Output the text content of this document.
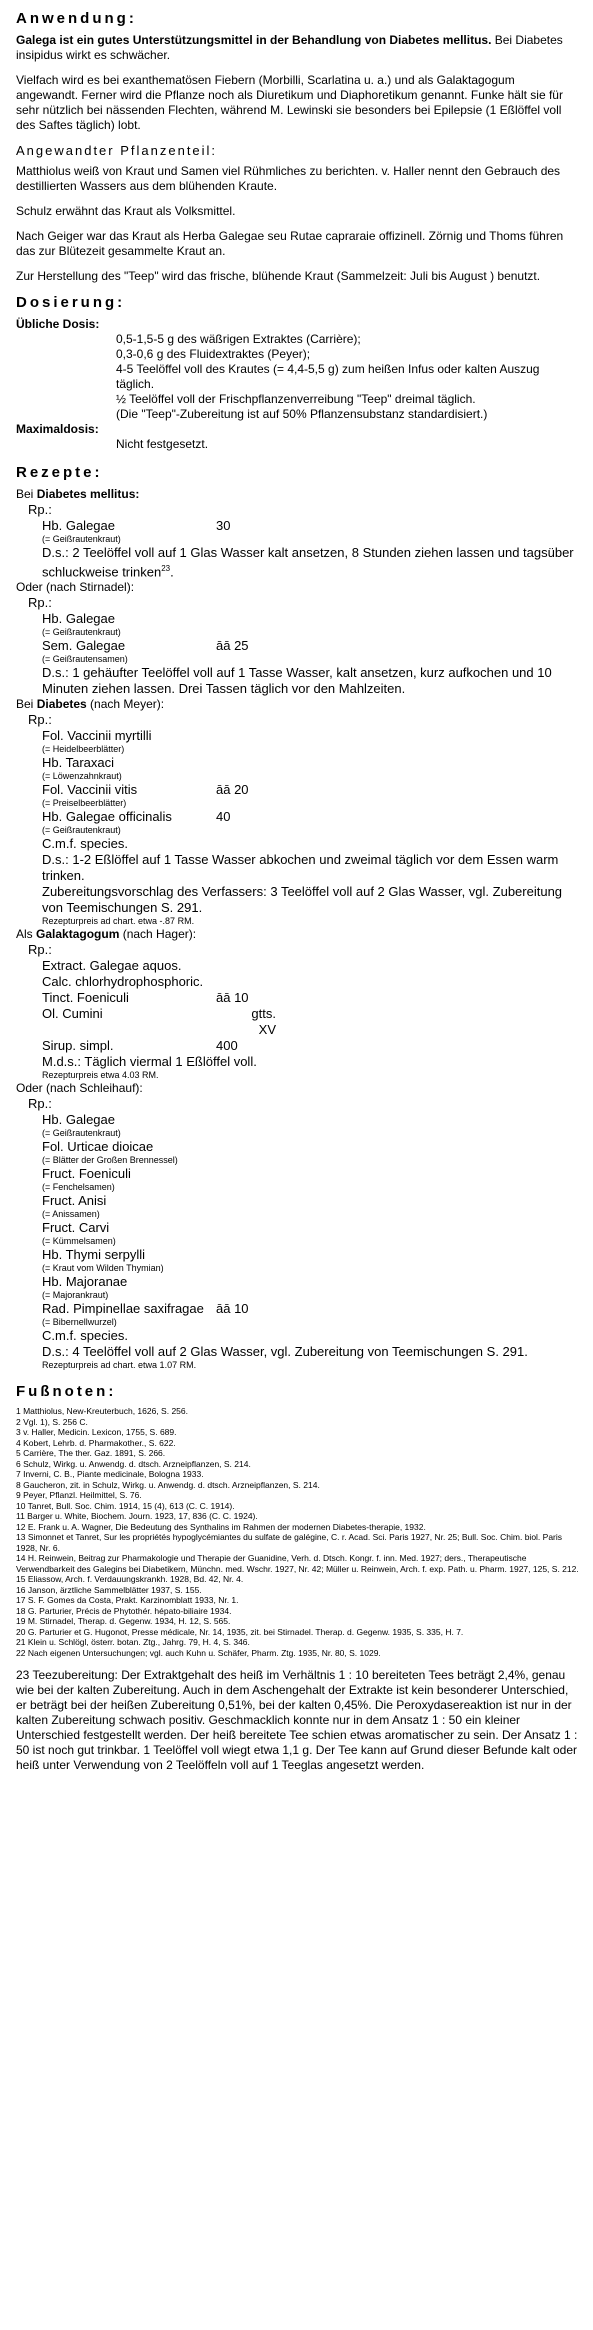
Anwendung:

Galega ist ein gutes Unterstützungsmittel in der Behandlung von Diabetes mellitus. Bei Diabetes insipidus wirkt es schwächer.

Vielfach wird es bei exanthematösen Fiebern (Morbilli, Scarlatina u. a.) und als Galaktagogum angewandt. Ferner wird die Pflanze noch als Diuretikum und Diaphoretikum genannt. Funke hält sie für sehr nützlich bei nässenden Flechten, während M. Lewinski sie besonders bei Epilepsie (1 Eßlöffel voll des Saftes täglich) lobt.

Angewandter Pflanzenteil:

Matthiolus weiß von Kraut und Samen viel Rühmliches zu berichten. v. Haller nennt den Gebrauch des destillierten Wassers aus dem blühenden Kraute.

Schulz erwähnt das Kraut als Volksmittel.

Nach Geiger war das Kraut als Herba Galegae seu Rutae capraraie offizinell. Zörnig und Thoms führen das zur Blütezeit gesammelte Kraut an.

Zur Herstellung des "Teep" wird das frische, blühende Kraut (Sammelzeit: Juli bis August ) benutzt.

Dosierung:
Übliche Dosis:
0,5-1,5-5 g des wäßrigen Extraktes (Carrière);
0,3-0,6 g des Fluidextraktes (Peyer);
4-5 Teelöffel voll des Krautes (= 4,4-5,5 g) zum heißen Infus oder kalten Auszug täglich.
½ Teelöffel voll der Frischpflanzenverreibung "Teep" dreimal täglich.
(Die "Teep"-Zubereitung ist auf 50% Pflanzensubstanz standardisiert.)
Maximaldosis:
Nicht festgesetzt.
Rezepte:
Bei Diabetes mellitus:
Rp.:
Hb. Galegae	30
(= Geißrautenkraut)
D.s.: 2 Teelöffel voll auf 1 Glas Wasser kalt ansetzen, 8 Stunden ziehen lassen und tagsüber schluckweise trinken$^{23}$.
Oder (nach Stirnadel):
Rp.:
Hb. Galegae
(= Geißrautenkraut)
Sem. Galegae	āā 25
(= Geißrautensamen)
D.s.: 1 gehäufter Teelöffel voll auf 1 Tasse Wasser, kalt ansetzen, kurz aufkochen und 10 Minuten ziehen lassen. Drei Tassen täglich vor den Mahlzeiten.
Bei Diabetes (nach Meyer):
Rp.:
Fol. Vaccinii myrtilli
(= Heidelbeerblätter)
Hb. Taraxaci
(= Löwenzahnkraut)
Fol. Vaccinii vitis	āā 20
(= Preiselbeerblätter)
Hb. Galegae officinalis	40
(= Geißrautenkraut)
C.m.f. species.
D.s.: 1-2 Eßlöffel auf 1 Tasse Wasser abkochen und zweimal täglich vor dem Essen warm trinken.
Zubereitungsvorschlag des Verfassers: 3 Teelöffel voll auf 2 Glas Wasser, vgl. Zubereitung von Teemischungen S. 291.
Rezepturpreis ad chart. etwa -.87 RM.
Als Galaktagogum (nach Hager):
Rp.:
Extract. Galegae aquos.
Calc. chlorhydrophosphoric.
Tinct. Foeniculi	āā 10
Ol. Cumini	gtts.
XV
Sirup. simpl.	400
M.d.s.: Täglich viermal 1 Eßlöffel voll.
Rezepturpreis etwa 4.03 RM.
Oder (nach Schleihauf):
Rp.:
Hb. Galegae
(= Geißrautenkraut)
Fol. Urticae dioicae
(= Blätter der Großen Brennessel)
Fruct. Foeniculi
(= Fenchelsamen)
Fruct. Anisi
(= Anissamen)
Fruct. Carvi
(= Kümmelsamen)
Hb. Thymi serpylli
(= Kraut vom Wilden Thymian)
Hb. Majoranae
(= Majorankraut)
Rad. Pimpinellae saxifragae āā 10
(= Bibernellwurzel)
C.m.f. species.
D.s.: 4 Teelöffel voll auf 2 Glas Wasser, vgl. Zubereitung von Teemischungen S. 291.
Rezepturpreis ad chart. etwa 1.07 RM.
Fußnoten:
1 Matthiolus, New-Kreuterbuch, 1626, S. 256.
2 Vgl. 1), S. 256 C.
3 v. Haller, Medicin. Lexicon, 1755, S. 689.
4 Kobert, Lehrb. d. Pharmakother., S. 622.
5 Carrière, The ther. Gaz. 1891, S. 266.
6 Schulz, Wirkg. u. Anwendg. d. dtsch. Arzneipflanzen, S. 214.
7 Inverni, C. B., Piante medicinale, Bologna 1933.
8 Gaucheron, zit. in Schulz, Wirkg. u. Anwendg. d. dtsch. Arzneipflanzen, S. 214.
9 Peyer, Pflanzl. Heilmittel, S. 76.
10 Tanret, Bull. Soc. Chim. 1914, 15 (4), 613 (C. C. 1914).
11 Barger u. White, Biochem. Journ. 1923, 17, 836 (C. C. 1924).
12 E. Frank u. A. Wagner, Die Bedeutung des Synthalins im Rahmen der modernen Diabetes-therapie, 1932.
13 Simonnet et Tanret, Sur les propriétés hypoglycémiantes du sulfate de galégine, C. r. Acad. Sci. Paris 1927, Nr. 25; Bull. Soc. Chim. biol. Paris 1928, Nr. 6.
14 H. Reinwein, Beitrag zur Pharmakologie und Therapie der Guanidine, Verh. d. Dtsch. Kongr. f. inn. Med. 1927; ders., Therapeutische Verwendbarkeit des Galegins bei Diabetikern, Münchn. med. Wschr. 1927, Nr. 42; Müller u. Reinwein, Arch. f. exp. Path. u. Pharm. 1927, 125, S. 212.
15 Eliassow, Arch. f. Verdauungskrankh. 1928, Bd. 42, Nr. 4.
16 Janson, ärztliche Sammelblätter 1937, S. 155.
17 S. F. Gomes da Costa, Prakt. Karzinomblatt 1933, Nr. 1.
18 G. Parturier, Précis de Phytothér. hépato-biliaire 1934.
19 M. Stirnadel, Therap. d. Gegenw. 1934, H. 12, S. 565.
20 G. Parturier et G. Hugonot, Presse médicale, Nr. 14, 1935, zit. bei Stirnadel. Therap. d. Gegenw. 1935, S. 335, H. 7.
21 Klein u. Schlögl, österr. botan. Ztg., Jahrg. 79, H. 4, S. 346.
22 Nach eigenen Untersuchungen; vgl. auch Kuhn u. Schäfer, Pharm. Ztg. 1935, Nr. 80, S. 1029.

23 Teezubereitung: Der Extraktgehalt des heiß im Verhältnis 1 : 10 bereiteten Tees beträgt 2,4%, genau wie bei der kalten Zubereitung. Auch in dem Aschengehalt der Extrakte ist kein besonderer Unterschied, er beträgt bei der heißen Zubereitung 0,51%, bei der kalten 0,45%. Die Peroxydasereaktion ist nur in der kalten Zubereitung schwach positiv. Geschmacklich konnte nur in dem Ansatz 1 : 50 ein kleiner Unterschied festgestellt werden. Der heiß bereitete Tee schien etwas aromatischer zu sein. Der Ansatz 1 : 50 ist noch gut trinkbar. 1 Teelöffel voll wiegt etwa 1,1 g. Der Tee kann auf Grund dieser Befunde kalt oder heiß unter Verwendung von 2 Teelöffeln voll auf 1 Teeglas angesetzt werden.
